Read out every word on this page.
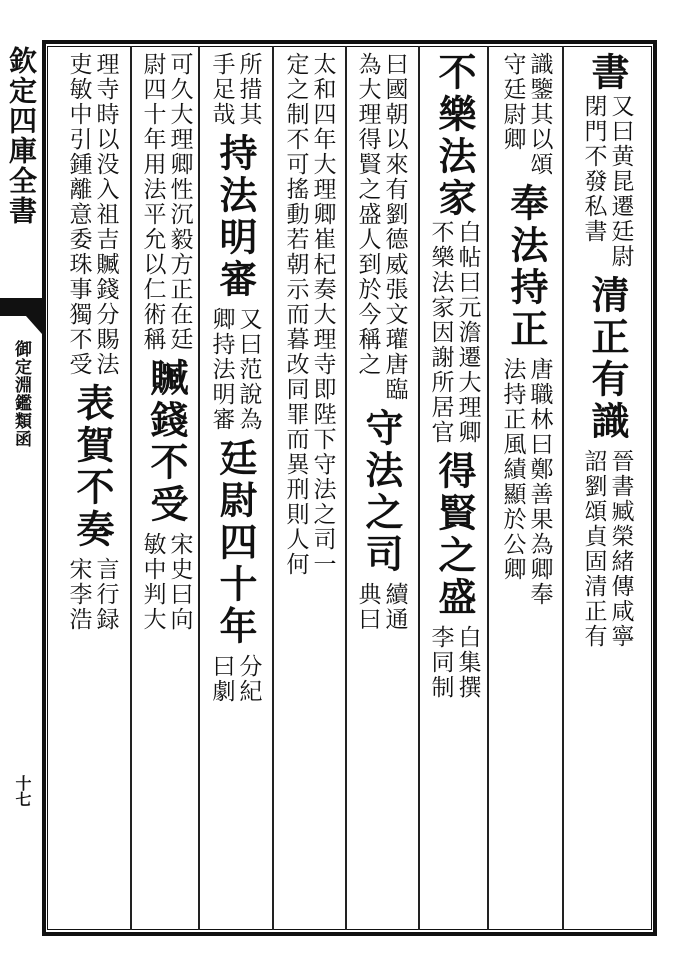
欽定四庫全書
御定淵鑑類函
十七
書
又曰黄昆遷廷尉
閉門不發私書
清正有識
晉書臧榮緒傳咸寧
詔劉頌貞固清正有
識鑒其以頌
守廷尉卿
奉法持正
唐職林曰鄭善果為卿奉
法持正風績顯於公卿
不樂法家
白帖曰元澹遷大理卿
不樂法家因謝所居官
得賢之盛
白集撰
李同制
曰國朝以來有劉德威張文瓘唐臨
為大理得賢之盛人到於今稱之
守法之司
續通
典曰
太和四年大理卿崔杞奏大理寺即陛下守法之司一
定之制不可搖動若朝示而暮改同罪而異刑則人何
所措其
手足哉
持法明審
又曰范說為
卿持法明審
廷尉四十年
分紀
曰劇
可久大理卿性沉毅方正在廷
尉四十年用法平允以仁術稱
贓錢不受
宋史曰向
敏中判大
理寺時以没入祖吉贓錢分賜法
吏敏中引鍾離意委珠事獨不受
表賀不奏
言行録
宋李浩
